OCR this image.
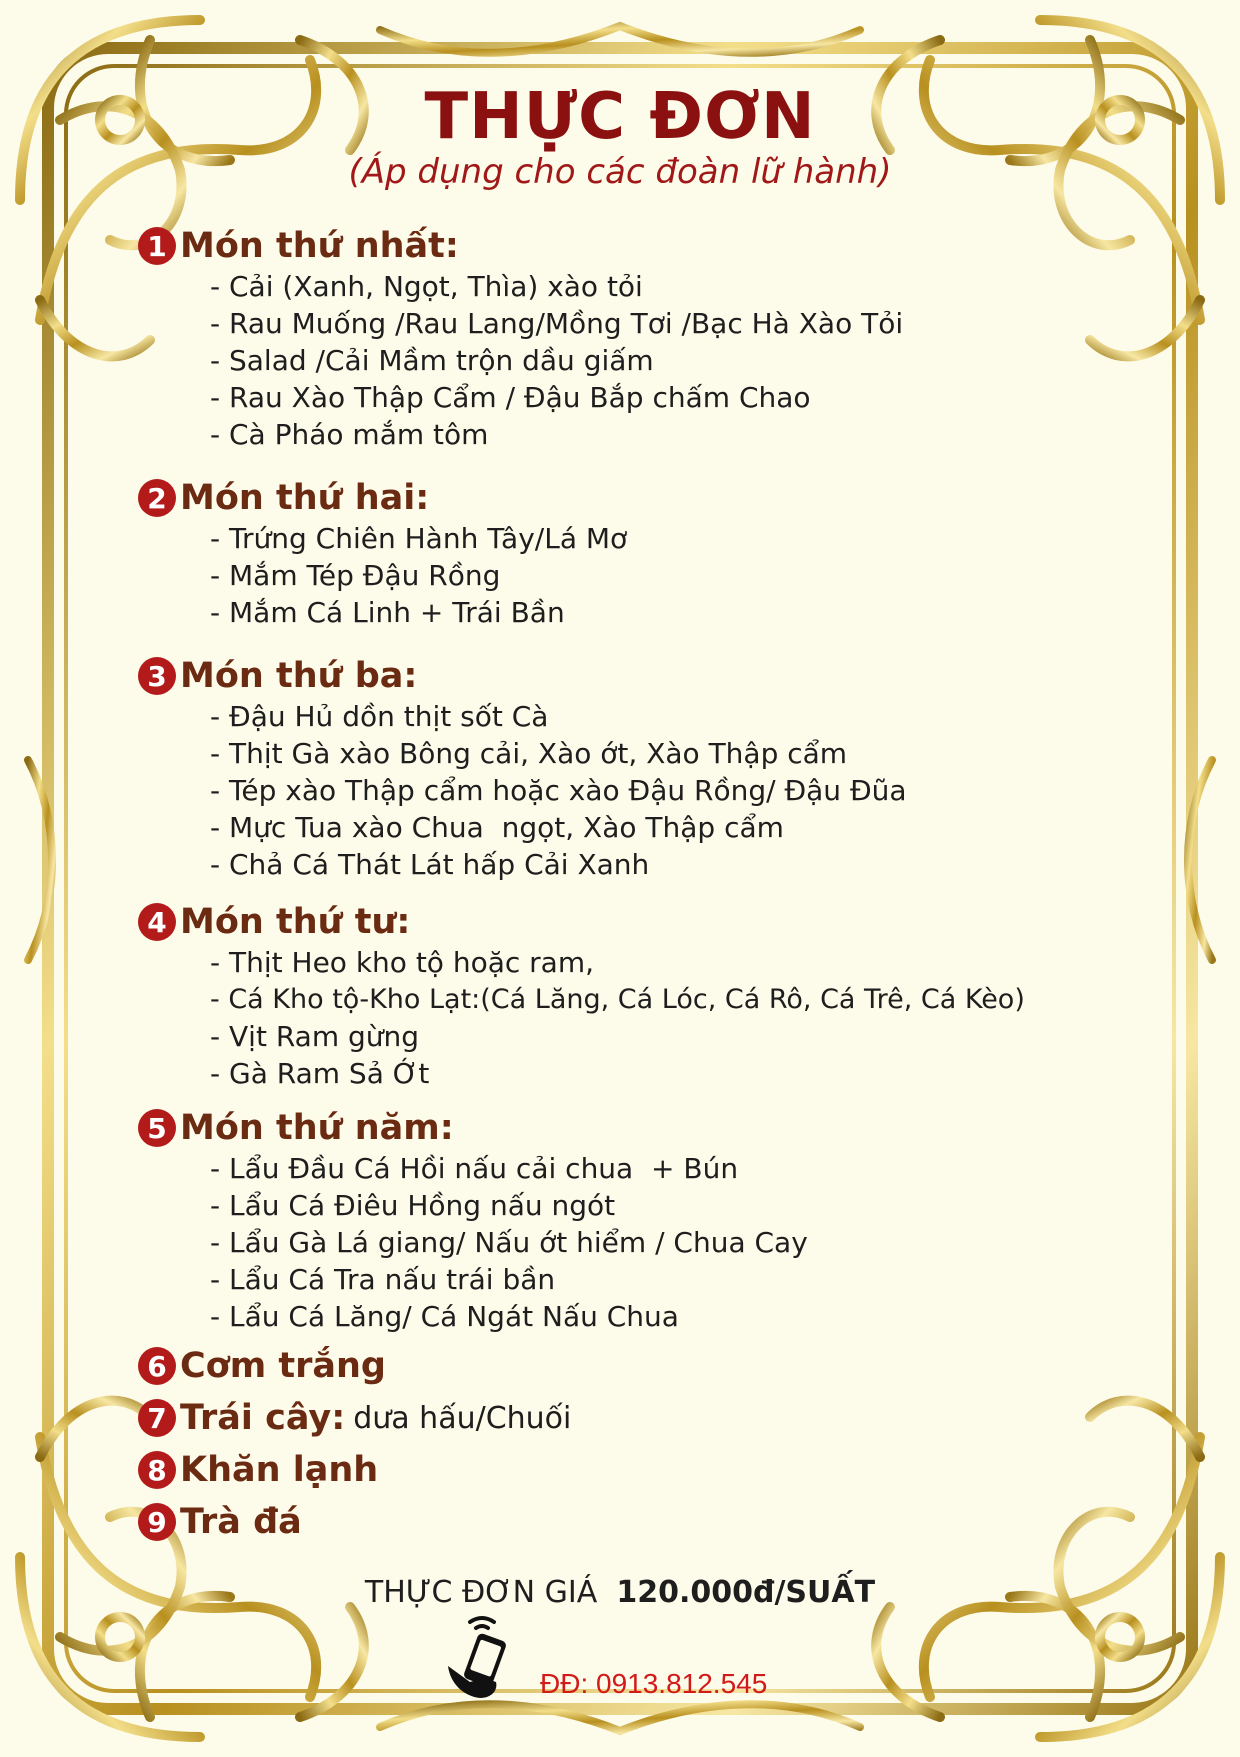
THỰC ĐƠN
(Áp dụng cho các đoàn lữ hành)
1 Món thứ nhất:
- Cải (Xanh, Ngọt, Thìa) xào tỏi
- Rau Muống /Rau Lang/Mồng Tơi /Bạc Hà Xào Tỏi
- Salad /Cải Mầm trộn dầu giấm
- Rau Xào Thập Cẩm / Đậu Bắp chấm Chao
- Cà Pháo mắm tôm
2 Món thứ hai:
- Trứng Chiên Hành Tây/Lá Mơ
- Mắm Tép Đậu Rồng
- Mắm Cá Linh + Trái Bần
3 Món thứ ba:
- Đậu Hủ dồn thịt sốt Cà
- Thịt Gà xào Bông cải, Xào ớt, Xào Thập cẩm
- Tép xào Thập cẩm hoặc xào Đậu Rồng/ Đậu Đũa
- Mực Tua xào Chua  ngọt, Xào Thập cẩm
- Chả Cá Thát Lát hấp Cải Xanh
4 Món thứ tư:
- Thịt Heo kho tộ hoặc ram,
- Cá Kho tộ-Kho Lạt:(Cá Lăng, Cá Lóc, Cá Rô, Cá Trê, Cá Kèo)
- Vịt Ram gừng
- Gà Ram Sả Ớt
5 Món thứ năm:
- Lẩu Đầu Cá Hồi nấu cải chua  + Bún
- Lẩu Cá Điêu Hồng nấu ngót
- Lẩu Gà Lá giang/ Nấu ớt hiểm / Chua Cay
- Lẩu Cá Tra nấu trái bần
- Lẩu Cá Lăng/ Cá Ngát Nấu Chua
6 Cơm trắng
7 Trái cây: dưa hấu/Chuối
8 Khăn lạnh
9 Trà đá
THỰC ĐƠN GIÁ 120.000đ/SUẤT
ĐĐ: 0913.812.545
